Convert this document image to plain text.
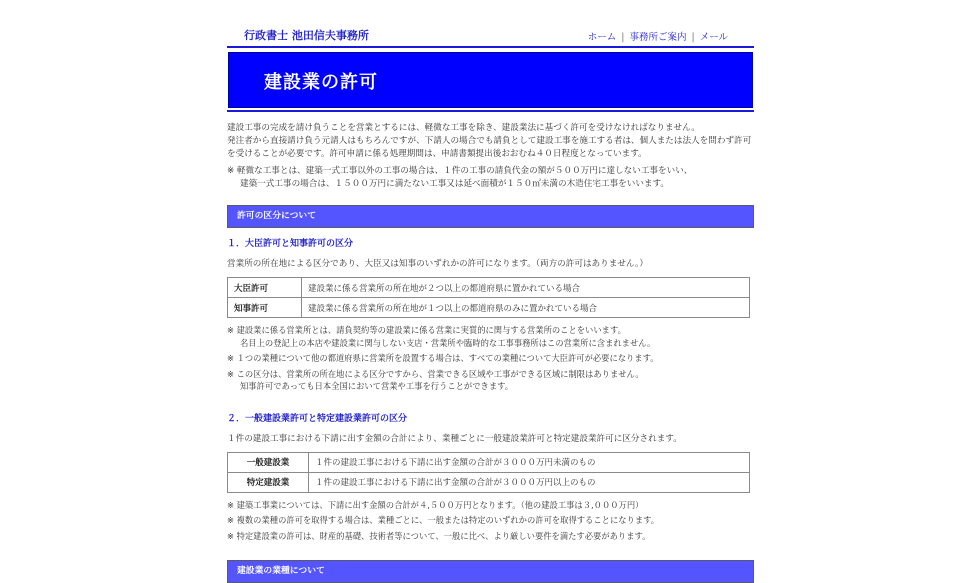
行政書士 池田信夫事務所	ホーム | 事務所ご案内 | メール
建設業の許可
建設工事の完成を請け負うことを営業とするには、軽微な工事を除き、建設業法に基づく許可を受けなければなりません。
発注者から直接請け負う元請人はもちろんですが、下請人の場合でも請負として建設工事を施工する者は、個人または法人を問わず許可を受けることが必要です。許可申請に係る処理期間は、申請書類提出後おおむね４０日程度となっています。
※ 軽微な工事とは、建築一式工事以外の工事の場合は、１件の工事の請負代金の額が５００万円に達しない工事をいい、
建築一式工事の場合は、１５００万円に満たない工事又は延べ面積が１５０㎡未満の木造住宅工事をいいます。
許可の区分について
１．大臣許可と知事許可の区分
営業所の所在地による区分であり、大臣又は知事のいずれかの許可になります。（両方の許可はありません。）
大臣許可	建設業に係る営業所の所在地が２つ以上の都道府県に置かれている場合
知事許可	建設業に係る営業所の所在地が１つ以上の都道府県のみに置かれている場合
※ 建設業に係る営業所とは、請負契約等の建設業に係る営業に実質的に関与する営業所のことをいいます。
名目上の登記上の本店や建設業に関与しない支店・営業所や臨時的な工事事務所はこの営業所に含まれません。
※ １つの業種について他の都道府県に営業所を設置する場合は、すべての業種について大臣許可が必要になります。
※ この区分は、営業所の所在地による区分ですから、営業できる区域や工事ができる区域に制限はありません。
知事許可であっても日本全国において営業や工事を行うことができます。
２．一般建設業許可と特定建設業許可の区分
１件の建設工事における下請に出す金額の合計により、業種ごとに一般建設業許可と特定建設業許可に区分されます。
一般建設業	１件の建設工事における下請に出す金額の合計が３０００万円未満のもの
特定建設業	１件の建設工事における下請に出す金額の合計が３０００万円以上のもの
※ 建築工事業については、下請に出す金額の合計が４,５００万円となります。（他の建設工事は３,０００万円）
※ 複数の業種の許可を取得する場合は、業種ごとに、一般または特定のいずれかの許可を取得することになります。
※ 特定建設業の許可は、財産的基礎、技術者等について、一般に比べ、より厳しい要件を満たす必要があります。
建設業の業種について
